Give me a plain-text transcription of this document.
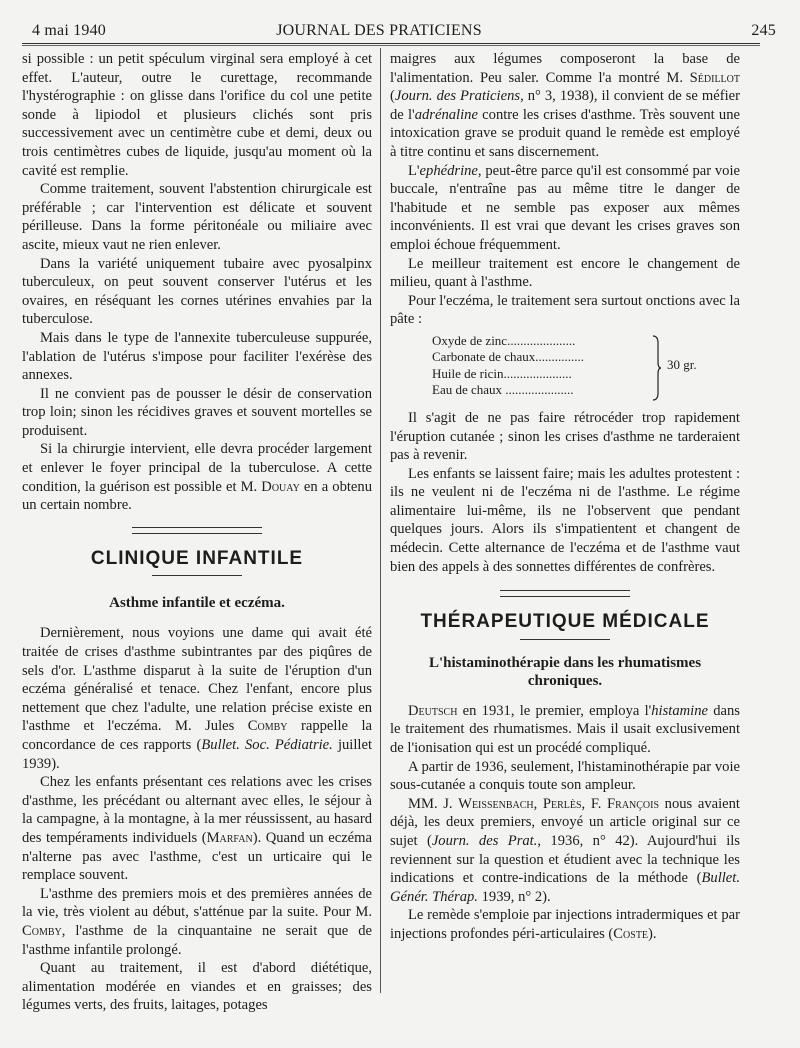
4 mai 1940	JOURNAL DES PRATICIENS	245

si possible : un petit spéculum virginal sera employé à cet effet. L'auteur, outre le curettage, recommande l'hystérographie : on glisse dans l'orifice du col une petite sonde à lipiodol et plusieurs clichés sont pris successivement avec un centimètre cube et demi, deux ou trois centimètres cubes de liquide, jusqu'au moment où la cavité est remplie.

Comme traitement, souvent l'abstention chirurgicale est préférable ; car l'intervention est délicate et souvent périlleuse. Dans la forme péritonéale ou miliaire avec ascite, mieux vaut ne rien enlever.

Dans la variété uniquement tubaire avec pyosalpinx tuberculeux, on peut souvent conserver l'utérus et les ovaires, en réséquant les cornes utérines envahies par la tuberculose.

Mais dans le type de l'annexite tuberculeuse suppurée, l'ablation de l'utérus s'impose pour faciliter l'exérèse des annexes.

Il ne convient pas de pousser le désir de conservation trop loin; sinon les récidives graves et souvent mortelles se produisent.

Si la chirurgie intervient, elle devra procéder largement et enlever le foyer principal de la tuberculose. A cette condition, la guérison est possible et M. Douay en a obtenu un certain nombre.

CLINIQUE INFANTILE
Asthme infantile et eczéma.

Dernièrement, nous voyions une dame qui avait été traitée de crises d'asthme subintrantes par des piqûres de sels d'or. L'asthme disparut à la suite de l'éruption d'un eczéma généralisé et tenace. Chez l'enfant, encore plus nettement que chez l'adulte, une relation précise existe en l'asthme et l'eczéma. M. Jules Comby rappelle la concordance de ces rapports (Bullet. Soc. Pédiatrie. juillet 1939).

Chez les enfants présentant ces relations avec les crises d'asthme, les précédant ou alternant avec elles, le séjour à la campagne, à la montagne, à la mer réussissent, au hasard des tempéraments individuels (Marfan). Quand un eczéma n'alterne pas avec l'asthme, c'est un urticaire qui le remplace souvent.

L'asthme des premiers mois et des premières années de la vie, très violent au début, s'atténue par la suite. Pour M. Comby, l'asthme de la cinquantaine ne serait que de l'asthme infantile prolongé.

Quant au traitement, il est d'abord diététique, alimentation modérée en viandes et en graisses; des légumes verts, des fruits, laitages, potages

maigres aux légumes composeront la base de l'alimentation. Peu saler. Comme l'a montré M. Sédillot (Journ. des Praticiens, n° 3, 1938), il convient de se méfier de l'adrénaline contre les crises d'asthme. Très souvent une intoxication grave se produit quand le remède est employé à titre continu et sans discernement.

L'ephédrine, peut-être parce qu'il est consommé par voie buccale, n'entraîne pas au même titre le danger de l'habitude et ne semble pas exposer aux mêmes inconvénients. Il est vrai que devant les crises graves son emploi échoue fréquemment.

Le meilleur traitement est encore le changement de milieu, quant à l'asthme.

Pour l'eczéma, le traitement sera surtout onctions avec la pâte :

Oxyde de zinc.....................
Carbonate de chaux...............
Huile de ricin.....................
Eau de chaux .....................
30 gr.

Il s'agit de ne pas faire rétrocéder trop rapidement l'éruption cutanée ; sinon les crises d'asthme ne tarderaient pas à revenir.

Les enfants se laissent faire; mais les adultes protestent : ils ne veulent ni de l'eczéma ni de l'asthme. Le régime alimentaire lui-même, ils ne l'observent que pendant quelques jours. Alors ils s'impatientent et changent de médecin. Cette alternance de l'eczéma et de l'asthme vaut bien des appels à des sonnettes différentes de confrères.

THÉRAPEUTIQUE MÉDICALE
L'histaminothérapie dans les rhumatismes chroniques.

Deutsch en 1931, le premier, employa l'histamine dans le traitement des rhumatismes. Mais il usait exclusivement de l'ionisation qui est un procédé compliqué.

A partir de 1936, seulement, l'histaminothérapie par voie sous-cutanée a conquis toute son ampleur.

MM. J. Weissenbach, Perlès, F. François nous avaient déjà, les deux premiers, envoyé un article original sur ce sujet (Journ. des Prat., 1936, n° 42). Aujourd'hui ils reviennent sur la question et étudient avec la technique les indications et contre-indications de la méthode (Bullet. Génér. Thérap. 1939, n° 2).

Le remède s'emploie par injections intradermiques et par injections profondes péri-articulaires (Coste).
